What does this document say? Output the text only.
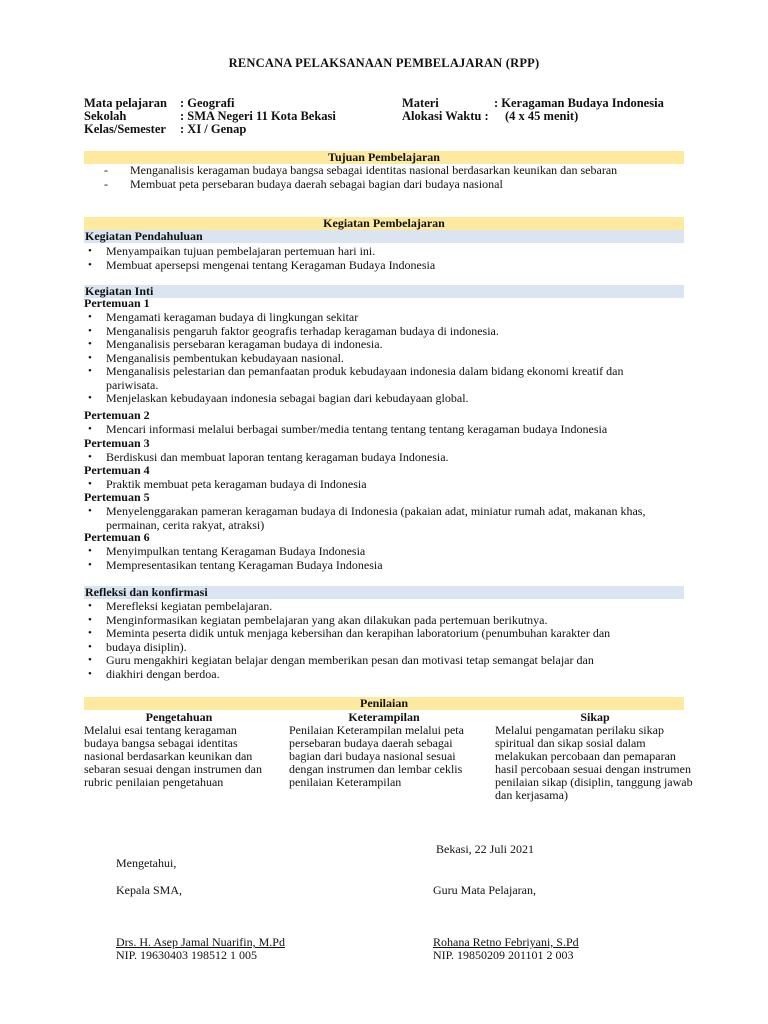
RENCANA PELAKSANAAN PEMBELAJARAN (RPP)
Mata pelajaran : Geografi	Materi	: Keragaman Budaya Indonesia
Sekolah	: SMA Negeri 11 Kota Bekasi	Alokasi Waktu : (4 x 45 menit)
Kelas/Semester : XI / Genap
Tujuan Pembelajaran
- Menganalisis keragaman budaya bangsa sebagai identitas nasional berdasarkan keunikan dan sebaran
- Membuat peta persebaran budaya daerah sebagai bagian dari budaya nasional
Kegiatan Pembelajaran
Kegiatan Pendahuluan
• Menyampaikan tujuan pembelajaran pertemuan hari ini.
• Membuat apersepsi mengenai tentang Keragaman Budaya Indonesia
Kegiatan Inti
Pertemuan 1
• Mengamati keragaman budaya di lingkungan sekitar
• Menganalisis pengaruh faktor geografis terhadap keragaman budaya di indonesia.
• Menganalisis persebaran keragaman budaya di indonesia.
• Menganalisis pembentukan kebudayaan nasional.
• Menganalisis pelestarian dan pemanfaatan produk kebudayaan indonesia dalam bidang ekonomi kreatif dan pariwisata.
• Menjelaskan kebudayaan indonesia sebagai bagian dari kebudayaan global.
Pertemuan 2
• Mencari informasi melalui berbagai sumber/media tentang tentang tentang keragaman budaya Indonesia
Pertemuan 3
• Berdiskusi dan membuat laporan tentang keragaman budaya Indonesia.
Pertemuan 4
• Praktik membuat peta keragaman budaya di Indonesia
Pertemuan 5
• Menyelenggarakan pameran keragaman budaya di Indonesia (pakaian adat, miniatur rumah adat, makanan khas, permainan, cerita rakyat, atraksi)
Pertemuan 6
• Menyimpulkan tentang Keragaman Budaya Indonesia
• Mempresentasikan tentang Keragaman Budaya Indonesia
Refleksi dan konfirmasi
• Merefleksi kegiatan pembelajaran.
• Menginformasikan kegiatan pembelajaran yang akan dilakukan pada pertemuan berikutnya.
• Meminta peserta didik untuk menjaga kebersihan dan kerapihan laboratorium (penumbuhan karakter dan
• budaya disiplin).
• Guru mengakhiri kegiatan belajar dengan memberikan pesan dan motivasi tetap semangat belajar dan
• diakhiri dengan berdoa.
Penilaian
Pengetahuan
Melalui esai tentang keragaman budaya bangsa sebagai identitas nasional berdasarkan keunikan dan sebaran sesuai dengan instrumen dan rubric penilaian pengetahuan
Keterampilan
Penilaian Keterampilan melalui peta persebaran budaya daerah sebagai bagian dari budaya nasional sesuai dengan instrumen dan lembar ceklis penilaian Keterampilan
Sikap
Melalui pengamatan perilaku sikap spiritual dan sikap sosial dalam melakukan percobaan dan pemaparan hasil percobaan sesuai dengan instrumen penilaian sikap (disiplin, tanggung jawab dan kerjasama)
Bekasi, 22 Juli 2021
Mengetahui,
Kepala SMA,	Guru Mata Pelajaran,
Drs. H. Asep Jamal Nuarifin, M.Pd
NIP. 19630403 198512 1 005
Rohana Retno Febriyani, S.Pd
NIP. 19850209 201101 2 003
